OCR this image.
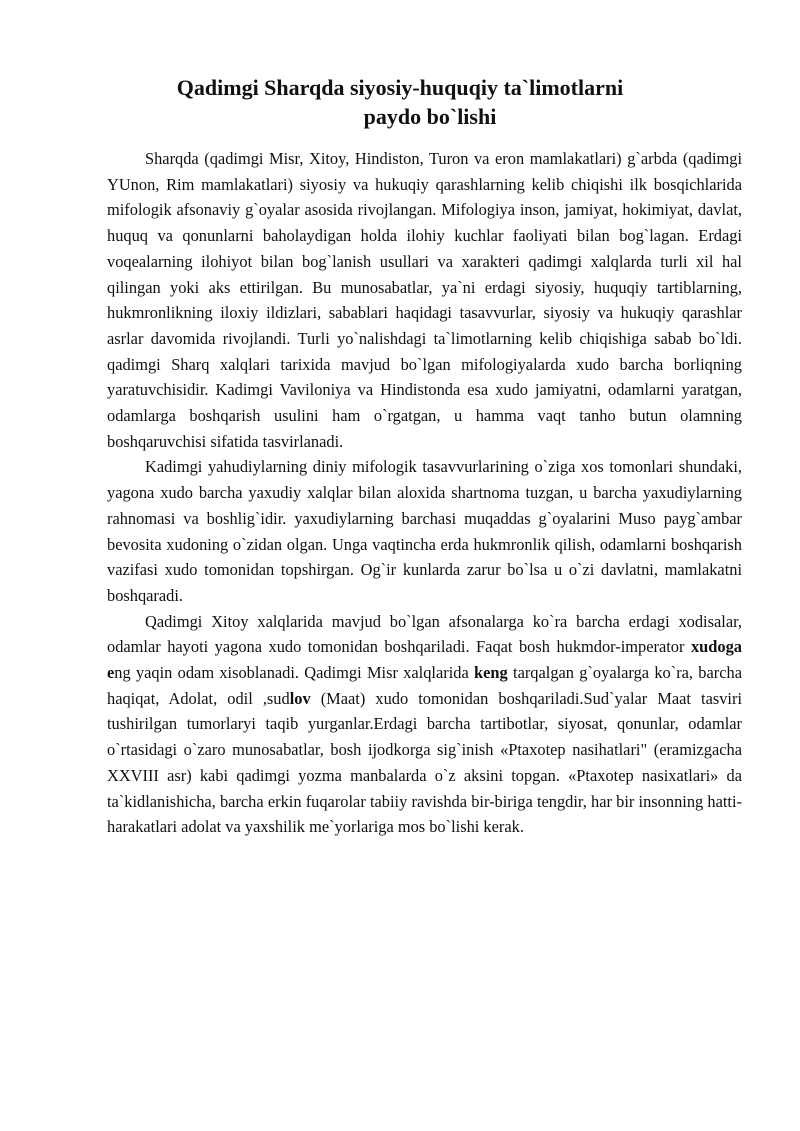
Qadimgi Sharqda siyosiy-huquqiy ta`limotlarni
paydo bo`lishi

Sharqda (qadimgi Misr, Xitoy, Hindiston, Turon va eron mamlakatlari) g`arbda (qadimgi YUnon, Rim mamlakatlari) siyosiy va hukuqiy qarashlarning kelib chiqishi ilk bosqichlarida mifologik afsonaviy g`oyalar asosida rivojlangan. Mifologiya inson, jamiyat, hokimiyat, davlat, huquq va qonunlarni baholaydigan holda ilohiy kuchlar faoliyati bilan bog`lagan. Erdagi voqealarning ilohiyot bilan bog`lanish usullari va xarakteri qadimgi xalqlarda turli xil hal qilingan yoki aks ettirilgan. Bu munosabatlar, ya`ni erdagi siyosiy, huquqiy tartiblarning, hukmronlikning iloxiy ildizlari, sabablari haqidagi tasavvurlar, siyosiy va hukuqiy qarashlar asrlar davomida rivojlandi. Turli yo`nalishdagi ta`limotlarning kelib chiqishiga sabab bo`ldi. qadimgi Sharq xalqlari tarixida mavjud bo`lgan mifologiyalarda xudo barcha borliqning yaratuvchisidir. Kadimgi Vaviloniya va Hindistonda esa xudo jamiyatni, odamlarni yaratgan, odamlarga boshqarish usulini ham o`rgatgan, u hamma vaqt tanho butun olamning boshqaruvchisi sifatida tasvirlanadi.

Kadimgi yahudiylarning diniy mifologik tasavvurlarining o`ziga xos tomonlari shundaki, yagona xudo barcha yaxudiy xalqlar bilan aloxida shartnoma tuzgan, u barcha yaxudiylarning rahnomasi va boshlig`idir. yaxudiylarning barchasi muqaddas g`oyalarini Muso payg`ambar bevosita xudoning o`zidan olgan. Unga vaqtincha erda hukmronlik qilish, odamlarni boshqarish vazifasi xudo tomonidan topshirgan. Og`ir kunlarda zarur bo`lsa u o`zi davlatni, mamlakatni boshqaradi.

Qadimgi Xitoy xalqlarida mavjud bo`lgan afsonalarga ko`ra barcha erdagi xodisalar, odamlar hayoti yagona xudo tomonidan boshqariladi. Faqat bosh hukmdor-imperator xudoga eng yaqin odam xisoblanadi. Qadimgi Misr xalqlarida keng tarqalgan g`oyalarga ko`ra, barcha haqiqat, Adolat, odil ,sudlov (Maat) xudo tomonidan boshqariladi.Sud`yalar Maat tasviri tushirilgan tumorlaryi taqib yurganlar.Erdagi barcha tartibotlar, siyosat, qonunlar, odamlar o`rtasidagi o`zaro munosabatlar, bosh ijodkorga sig`inish «Ptaxotep nasihatlari" (eramizgacha XXVIII asr) kabi qadimgi yozma manbalarda o`z aksini topgan. «Ptaxotep nasixatlari» da ta`kidlanishicha, barcha erkin fuqarolar tabiiy ravishda bir-biriga tengdir, har bir insonning hatti-harakatlari adolat va yaxshilik me`yorlariga mos bo`lishi kerak.
